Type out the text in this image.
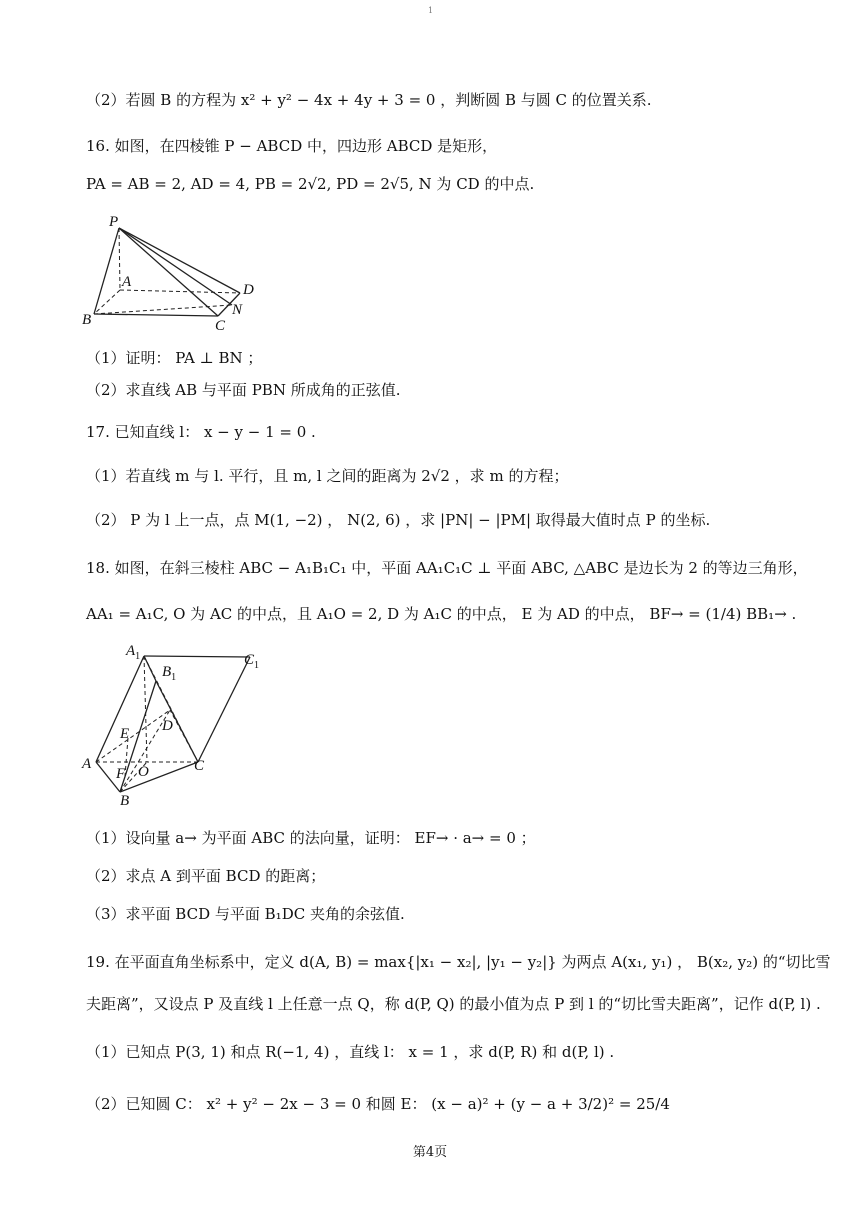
1
（2）若圆 B 的方程为 x² + y² − 4x + 4y + 3 = 0 ，判断圆 B 与圆 C 的位置关系.
16. 如图，在四棱锥 P − ABCD 中，四边形 ABCD 是矩形，
PA = AB = 2, AD = 4, PB = 2√2, PD = 2√5, N 为 CD 的中点.
P
A
B	C
D
N
（1）证明： PA ⊥ BN ；
（2）求直线 AB 与平面 PBN 所成角的正弦值.
17. 已知直线 l： x − y − 1 = 0 .
（1）若直线 m 与 l. 平行，且 m, l 之间的距离为 2√2 ，求 m 的方程；
（2） P 为 l 上一点，点 M(1, −2) ， N(2, 6) ，求 |PN| − |PM| 取得最大值时点 P 的坐标.
18. 如图，在斜三棱柱 ABC − A₁B₁C₁ 中，平面 AA₁C₁C ⊥ 平面 ABC, △ABC 是边长为 2 的等边三角形，
AA₁ = A₁C, O 为 AC 的中点，且 A₁O = 2, D 为 A₁C 的中点， E 为 AD 的中点， BF→ = (1/4) BB₁→ .
$A_1$
$B_1$
$C_1$
D
E
A
F O	C
B
（1）设向量 a→ 为平面 ABC 的法向量，证明： EF→ · a→ = 0 ；
（2）求点 A 到平面 BCD 的距离；
（3）求平面 BCD 与平面 B₁DC 夹角的余弦值.
19. 在平面直角坐标系中，定义 d(A, B) = max{|x₁ − x₂|, |y₁ − y₂|} 为两点 A(x₁, y₁) ， B(x₂, y₂) 的“切比雪
夫距离”，又设点 P 及直线 l 上任意一点 Q，称 d(P, Q) 的最小值为点 P 到 l 的“切比雪夫距离”，记作 d(P, l) .
（1）已知点 P(3, 1) 和点 R(−1, 4) ，直线 l： x = 1 ，求 d(P, R) 和 d(P, l) .
（2）已知圆 C： x² + y² − 2x − 3 = 0 和圆 E： (x − a)² + (y − a + 3/2)² = 25/4
第4页
